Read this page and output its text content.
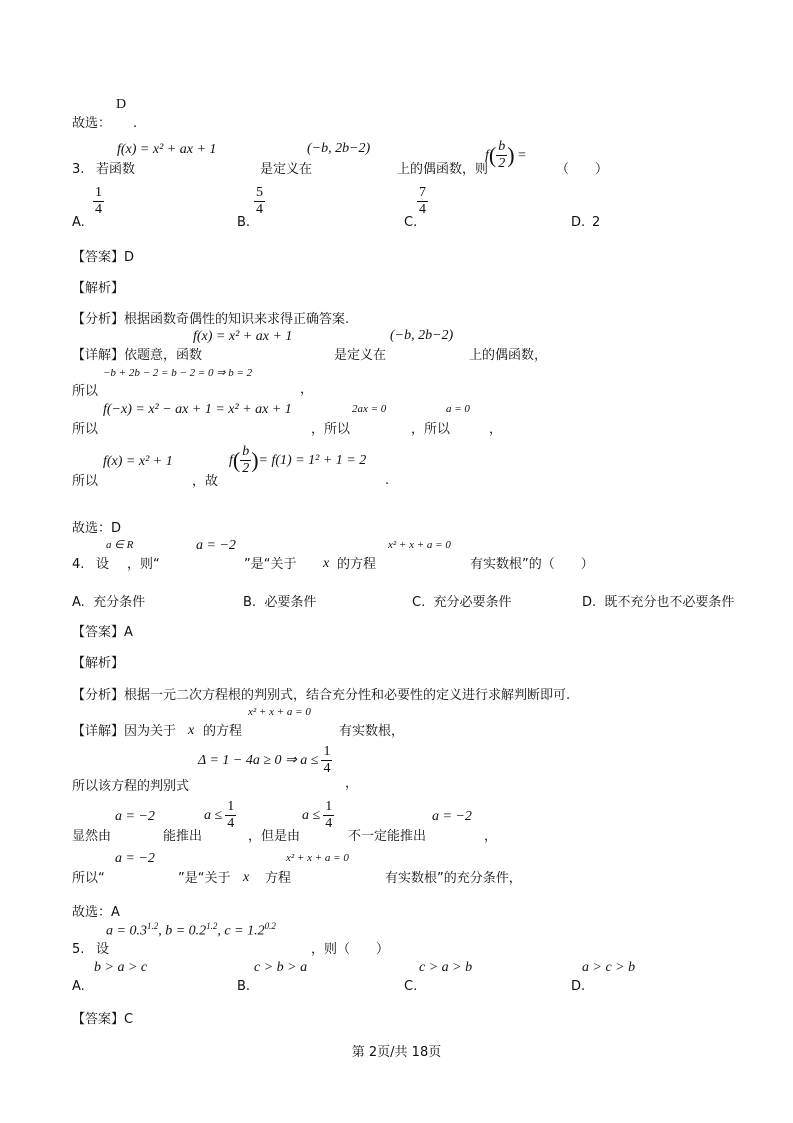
D
故选： .
f(x) = x² + ax + 1	(−b, 2b−2)	$f( \frac{b}{2}$ ) =
3. 若函数	是定义在	上的偶函数，则	（　　）
A.
$\frac{1}{4}$
B.
$\frac{5}{4}$
C.
$\frac{7}{4}$
D. 2
【答案】D
【解析】
【分析】根据函数奇偶性的知识来求得正确答案.
f(x) = x² + ax + 1	(−b, 2b−2)
【详解】依题意，函数	是定义在	上的偶函数，
−b + 2b − 2 = b − 2 = 0 ⇒ b = 2
所以	，
f(−x) = x² − ax + 1 = x² + ax + 1	2ax = 0	a = 0
所以	，所以	，所以	，
f(x) = x² + 1	$f( \frac{b}{2}$ )= f(1) = 1² + 1 = 2
所以	，故	.
故选：D
a ∈ R	a = −2	x² + x + a = 0
4. 设 ，则“	”是“关于 x 的方程	有实数根”的（　　）
A. 充分条件	B. 必要条件	C. 充分必要条件	D. 既不充分也不必要条件
【答案】A
【解析】
【分析】根据一元二次方程根的判别式，结合充分性和必要性的定义进行求解判断即可.
x² + x + a = 0
【详解】因为关于 x 的方程	有实数根，
Δ = 1 − 4a ≥ 0 ⇒ $a \le \frac{1}{4}$
所以该方程的判别式	，
a = −2	$a \le \frac{1}{4}$	$a \le \frac{1}{4}$	a = −2
显然由	能推出	，但是由	不一定能推出	，
a = −2	x² + x + a = 0
所以“	”是“关于 x 方程	有实数根”的充分条件，
故选：A
$a = 0.3^{1.2}$, $b = 0.2^{1.2}$, $c = 1.2^{0.2}$
5. 设	，则（　　）
b > a > c	c > b > a	c > a > b	a > c > b
A.	B.	C.	D.
【答案】C
第 2页/共 18页
